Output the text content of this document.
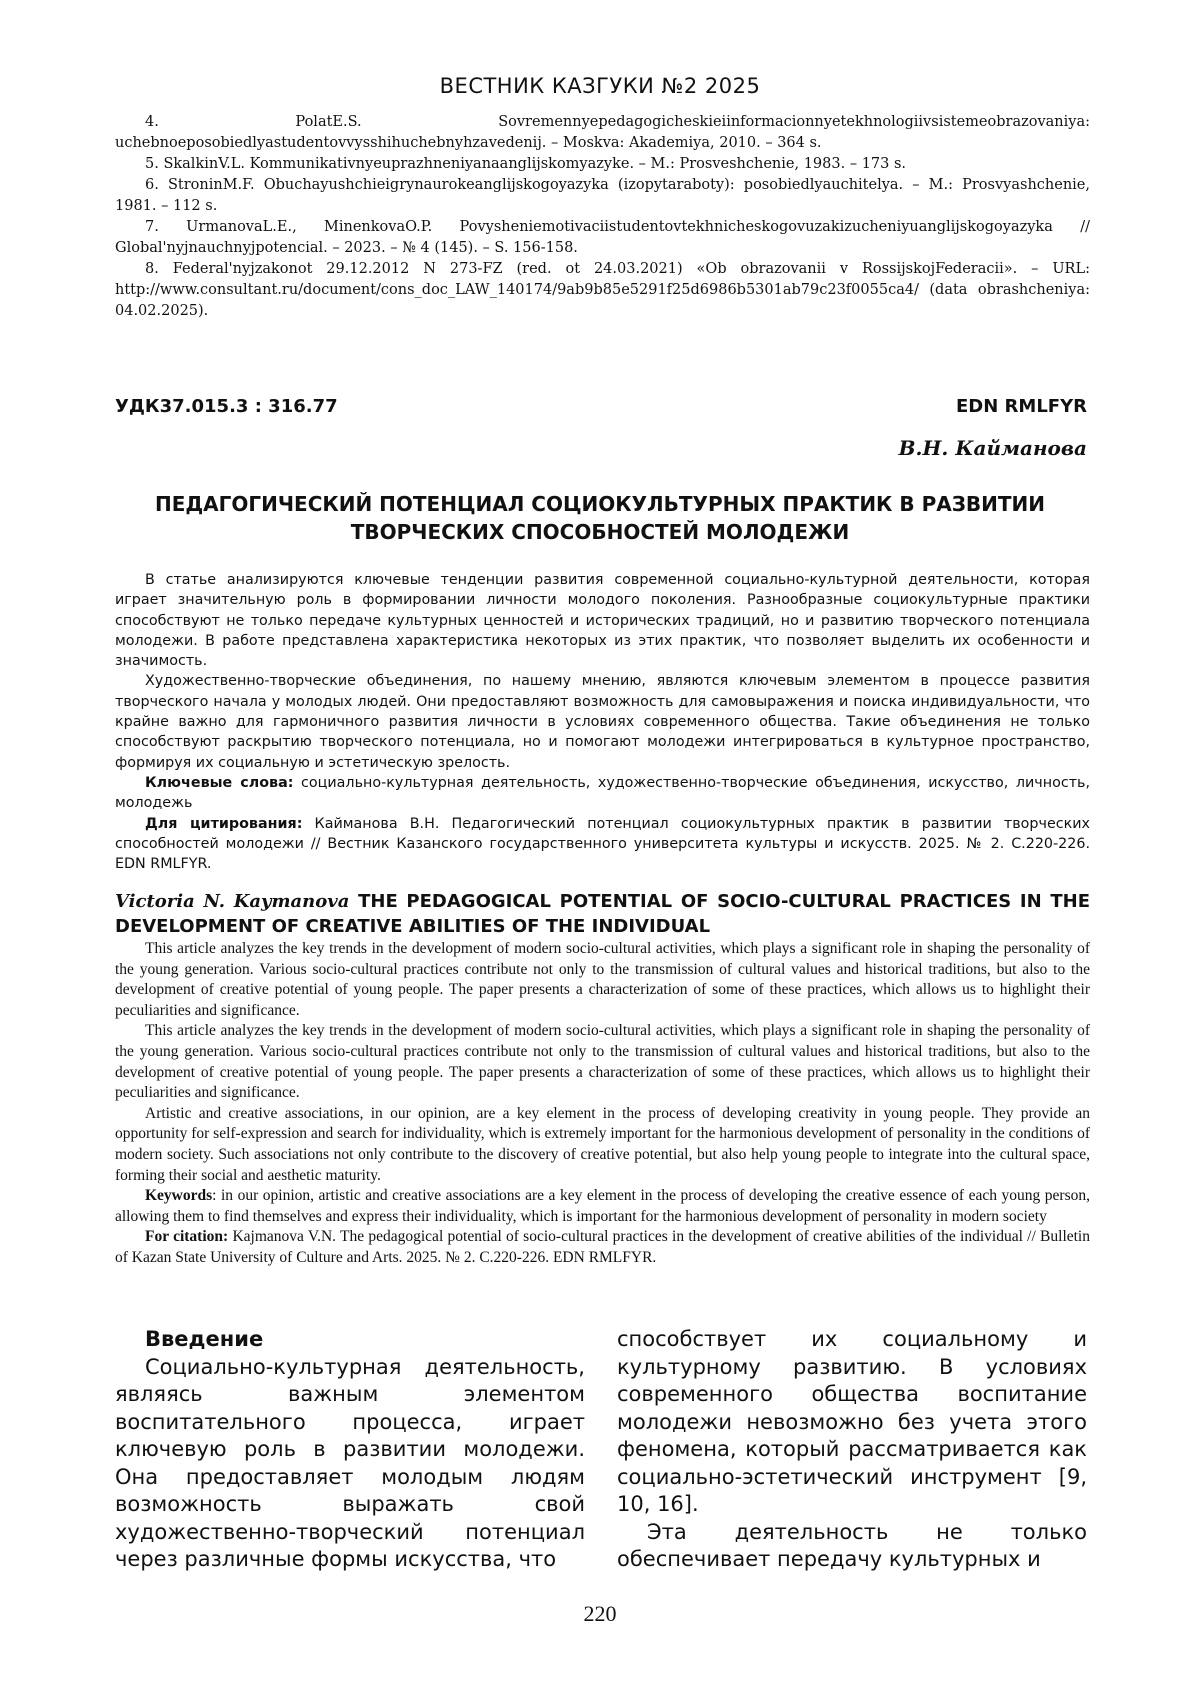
ВЕСТНИК КАЗГУКИ №2 2025

4. PolatE.S. Sovremennyepedagogicheskieiinformacionnyetekhnologiivsistemeobrazovaniya: uchebnoeposobiedlyastudentovvysshihuchebnyhzavedenij. – Moskva: Akademiya, 2010. – 364 s.

5. SkalkinV.L. Kommunikativnyeuprazhneniyanaanglijskomyazyke. – M.: Prosveshchenie, 1983. – 173 s.

6. StroninM.F. Obuchayushchieigrynaurokeanglijskogoyazyka (izopytaraboty): posobiedlyauchitelya. – M.: Prosvyashchenie, 1981. – 112 s.

7. UrmanovaL.E., MinenkovaO.P. Povysheniemotivaciistudentovtekhnicheskogovuzakizucheniyuanglijskogoyazyka // Global'nyjnauchnyjpotencial. – 2023. – № 4 (145). – S. 156-158.

8. Federal'nyjzakonot 29.12.2012 N 273-FZ (red. ot 24.03.2021) «Ob obrazovanii v RossijskojFederacii». – URL: http://www.consultant.ru/document/cons_doc_LAW_140174/9ab9b85e5291f25d6986b5301ab79c23f0055ca4/ (data obrashcheniya: 04.02.2025).

УДК37.015.3 : 316.77	EDN RMLFYR
В.Н. Кайманова
ПЕДАГОГИЧЕСКИЙ ПОТЕНЦИАЛ СОЦИОКУЛЬТУРНЫХ ПРАКТИК В РАЗВИТИИ
ТВОРЧЕСКИХ СПОСОБНОСТЕЙ МОЛОДЕЖИ

В статье анализируются ключевые тенденции развития современной социально-культурной деятельности, которая играет значительную роль в формировании личности молодого поколения. Разнообразные социокультурные практики способствуют не только передаче культурных ценностей и исторических традиций, но и развитию творческого потенциала молодежи. В работе представлена характеристика некоторых из этих практик, что позволяет выделить их особенности и значимость.

Художественно-творческие объединения, по нашему мнению, являются ключевым элементом в процессе развития творческого начала у молодых людей. Они предоставляют возможность для самовыражения и поиска индивидуальности, что крайне важно для гармоничного развития личности в условиях современного общества. Такие объединения не только способствуют раскрытию творческого потенциала, но и помогают молодежи интегрироваться в культурное пространство, формируя их социальную и эстетическую зрелость.

Ключевые слова: социально-культурная деятельность, художественно-творческие объединения, искусство, личность, молодежь

Для цитирования: Кайманова В.Н. Педагогический потенциал социокультурных практик в развитии творческих способностей молодежи // Вестник Казанского государственного университета культуры и искусств. 2025. № 2. С.220-226. EDN RMLFYR.

Victoria N. Kaymanova THE PEDAGOGICAL POTENTIAL OF SOCIO-CULTURAL PRACTICES IN THE DEVELOPMENT OF CREATIVE ABILITIES OF THE INDIVIDUAL

This article analyzes the key trends in the development of modern socio-cultural activities, which plays a significant role in shaping the personality of the young generation. Various socio-cultural practices contribute not only to the transmission of cultural values and historical traditions, but also to the development of creative potential of young people. The paper presents a characterization of some of these practices, which allows us to highlight their peculiarities and significance.

This article analyzes the key trends in the development of modern socio-cultural activities, which plays a significant role in shaping the personality of the young generation. Various socio-cultural practices contribute not only to the transmission of cultural values and historical traditions, but also to the development of creative potential of young people. The paper presents a characterization of some of these practices, which allows us to highlight their peculiarities and significance.

Artistic and creative associations, in our opinion, are a key element in the process of developing creativity in young people. They provide an opportunity for self-expression and search for individuality, which is extremely important for the harmonious development of personality in the conditions of modern society. Such associations not only contribute to the discovery of creative potential, but also help young people to integrate into the cultural space, forming their social and aesthetic maturity.

Keywords: in our opinion, artistic and creative associations are a key element in the process of developing the creative essence of each young person, allowing them to find themselves and express their individuality, which is important for the harmonious development of personality in modern society

For citation: Kajmanova V.N. The pedagogical potential of socio-cultural practices in the development of creative abilities of the individual // Bulletin of Kazan State University of Culture and Arts. 2025. № 2. С.220-226. EDN RMLFYR.

Введение

Социально-культурная деятельность, являясь важным элементом воспитательного процесса, играет ключевую роль в развитии молодежи. Она предоставляет молодым людям возможность выражать свой художественно-творческий потенциал через различные формы искусства, что

способствует их социальному и культурному развитию. В условиях современного общества воспитание молодежи невозможно без учета этого феномена, который рассматривается как социально-эстетический инструмент [9, 10, 16].

Эта деятельность не только обеспечивает передачу культурных и

220
